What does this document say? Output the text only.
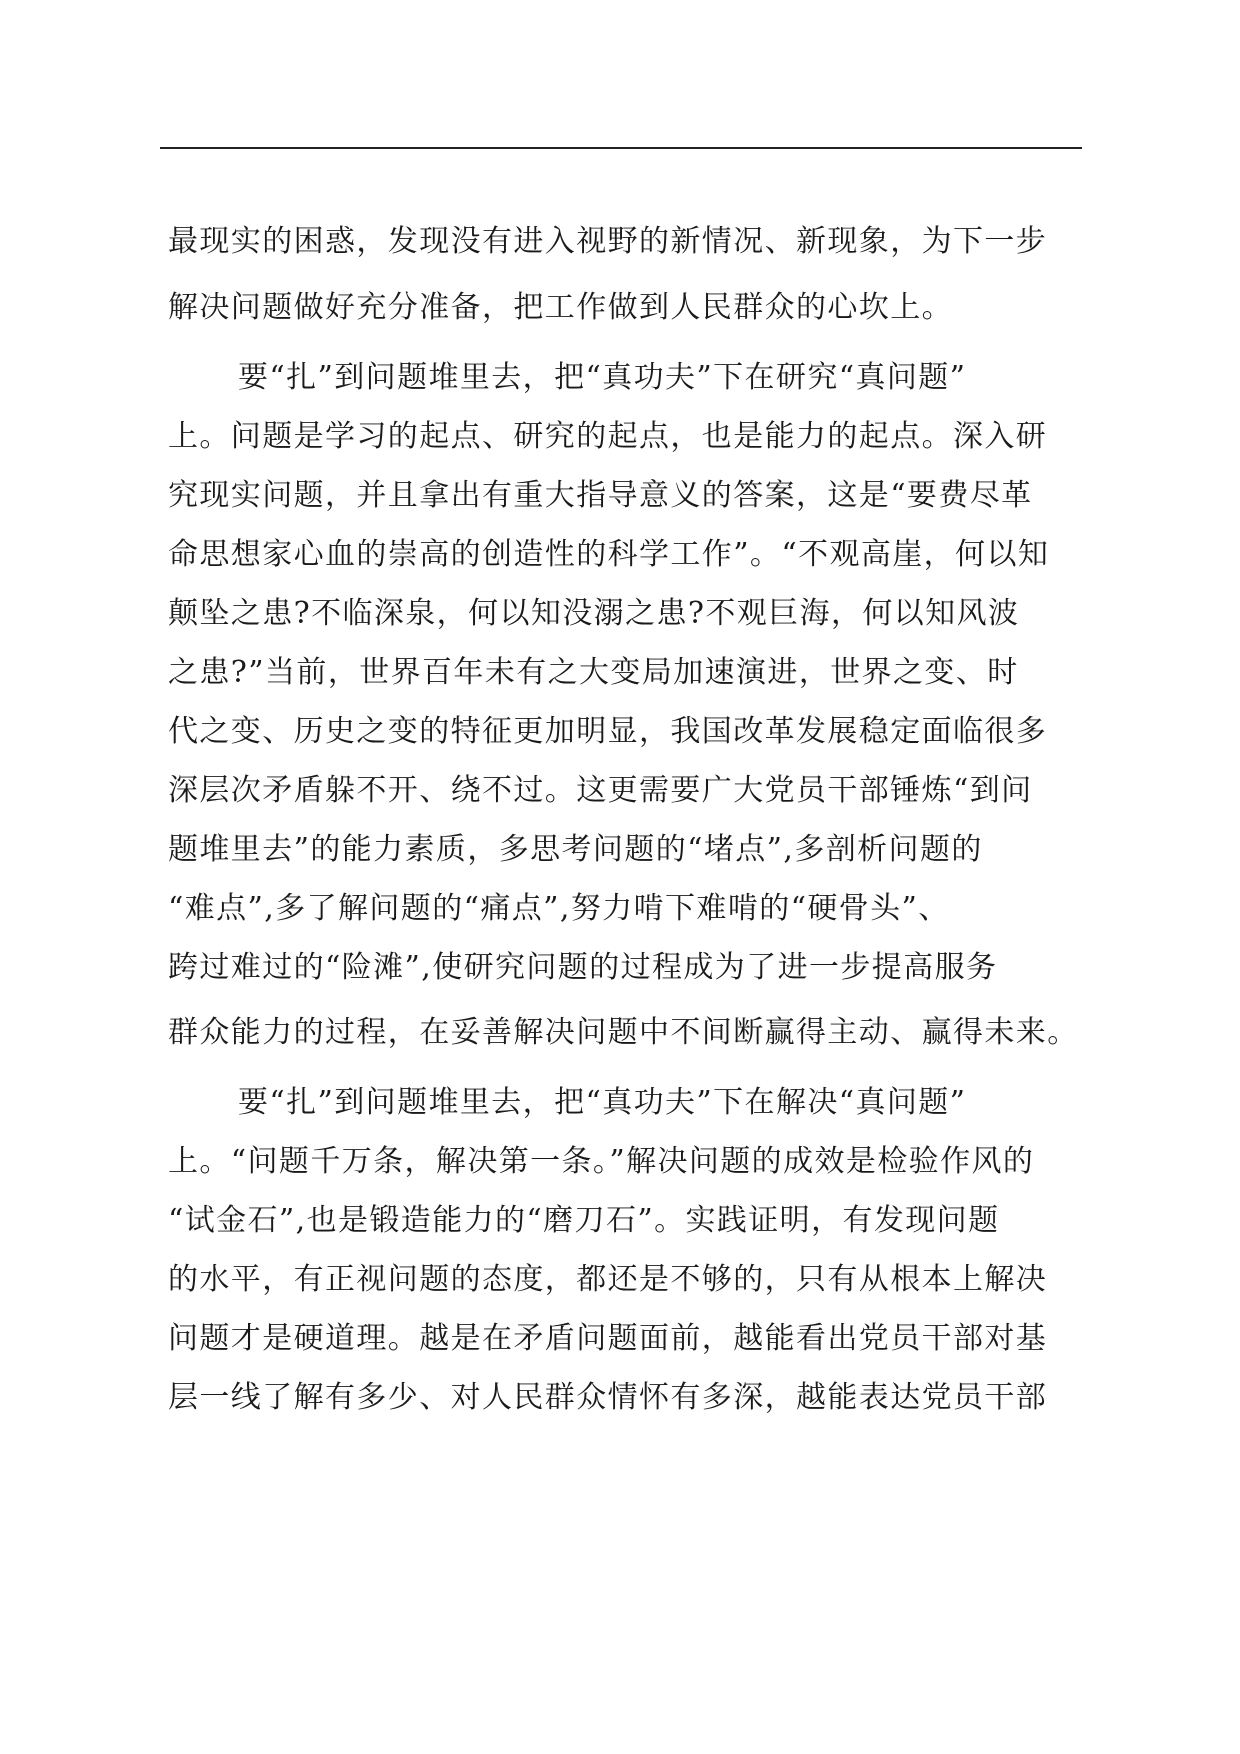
最现实的困惑，发现没有进入视野的新情况、新现象，为下一步
解决问题做好充分准备，把工作做到人民群众的心坎上。
要“扎”到问题堆里去，把“真功夫”下在研究“真问题”
上。问题是学习的起点、研究的起点，也是能力的起点。深入研
究现实问题，并且拿出有重大指导意义的答案，这是“要费尽革
命思想家心血的崇高的创造性的科学工作”。“不观高崖，何以知
颠坠之患?不临深泉，何以知没溺之患?不观巨海，何以知风波
之患?”当前，世界百年未有之大变局加速演进，世界之变、时
代之变、历史之变的特征更加明显，我国改革发展稳定面临很多
深层次矛盾躲不开、绕不过。这更需要广大党员干部锤炼“到问
题堆里去”的能力素质，多思考问题的“堵点”,多剖析问题的
“难点”,多了解问题的“痛点”,努力啃下难啃的“硬骨头”、
跨过难过的“险滩”,使研究问题的过程成为了进一步提高服务
群众能力的过程，在妥善解决问题中不间断赢得主动、赢得未来。
要“扎”到问题堆里去，把“真功夫”下在解决“真问题”
上。“问题千万条，解决第一条。”解决问题的成效是检验作风的
“试金石”,也是锻造能力的“磨刀石”。实践证明，有发现问题
的水平，有正视问题的态度，都还是不够的，只有从根本上解决
问题才是硬道理。越是在矛盾问题面前，越能看出党员干部对基
层一线了解有多少、对人民群众情怀有多深，越能表达党员干部
